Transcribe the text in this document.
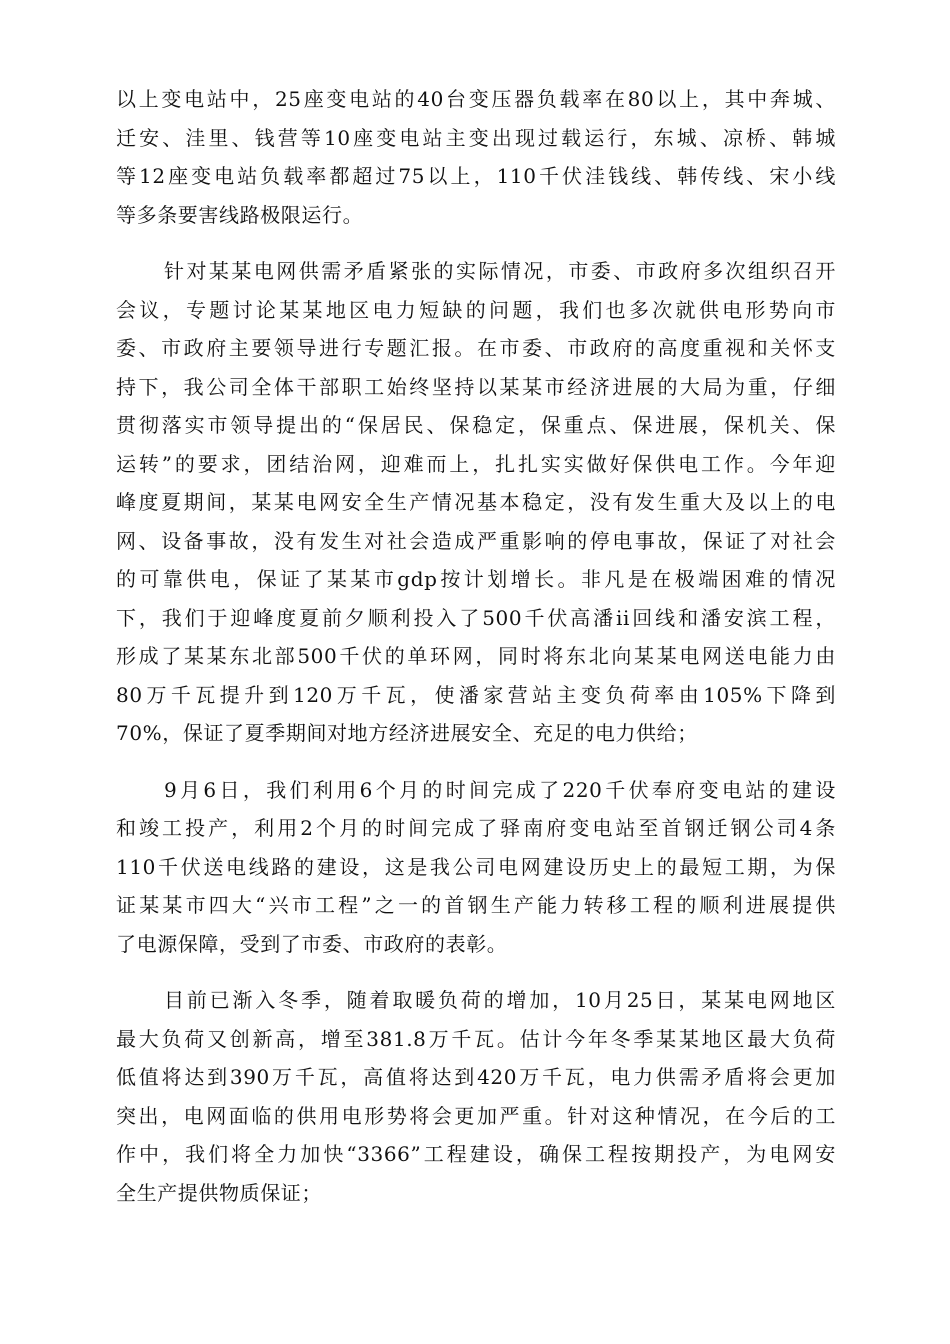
以上变电站中，25座变电站的40台变压器负载率在80以上，其中奔城、
迁安、洼里、钱营等10座变电站主变出现过载运行，东城、凉桥、韩城
等12座变电站负载率都超过75以上，110千伏洼钱线、韩传线、宋小线
等多条要害线路极限运行。
针对某某电网供需矛盾紧张的实际情况，市委、市政府多次组织召开
会议，专题讨论某某地区电力短缺的问题，我们也多次就供电形势向市
委、市政府主要领导进行专题汇报。在市委、市政府的高度重视和关怀支
持下，我公司全体干部职工始终坚持以某某市经济进展的大局为重，仔细
贯彻落实市领导提出的“保居民、保稳定，保重点、保进展，保机关、保
运转”的要求，团结治网，迎难而上，扎扎实实做好保供电工作。今年迎
峰度夏期间，某某电网安全生产情况基本稳定，没有发生重大及以上的电
网、设备事故，没有发生对社会造成严重影响的停电事故，保证了对社会
的可靠供电，保证了某某市gdp按计划增长。非凡是在极端困难的情况
下，我们于迎峰度夏前夕顺利投入了500千伏高潘ii回线和潘安滨工程，
形成了某某东北部500千伏的单环网，同时将东北向某某电网送电能力由
80万千瓦提升到120万千瓦，使潘家营站主变负荷率由105%下降到
70%，保证了夏季期间对地方经济进展安全、充足的电力供给；
9月6日，我们利用6个月的时间完成了220千伏奉府变电站的建设
和竣工投产，利用2个月的时间完成了驿南府变电站至首钢迁钢公司4条
110千伏送电线路的建设，这是我公司电网建设历史上的最短工期，为保
证某某市四大“兴市工程”之一的首钢生产能力转移工程的顺利进展提供
了电源保障，受到了市委、市政府的表彰。
目前已渐入冬季，随着取暖负荷的增加，10月25日，某某电网地区
最大负荷又创新高，增至381.8万千瓦。估计今年冬季某某地区最大负荷
低值将达到390万千瓦，高值将达到420万千瓦，电力供需矛盾将会更加
突出，电网面临的供用电形势将会更加严重。针对这种情况，在今后的工
作中，我们将全力加快“3366”工程建设，确保工程按期投产，为电网安
全生产提供物质保证；
